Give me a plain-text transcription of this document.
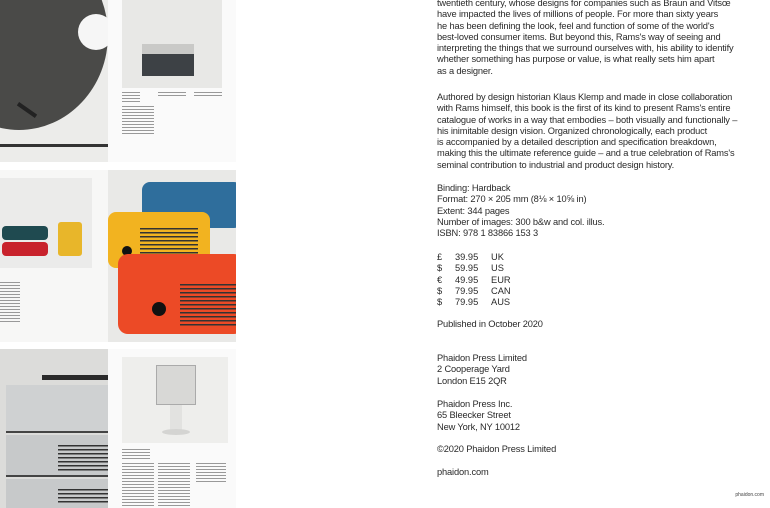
twentieth century, whose designs for companies such as Braun and Vitsœ
have impacted the lives of millions of people. For more than sixty years
he has been defining the look, feel and function of some of the world's
best-loved consumer items. But beyond this, Rams's way of seeing and
interpreting the things that we surround ourselves with, his ability to identify
whether something has purpose or value, is what really sets him apart
as a designer.
Authored by design historian Klaus Klemp and made in close collaboration
with Rams himself, this book is the first of its kind to present Rams's entire
catalogue of works in a way that embodies – both visually and functionally –
his inimitable design vision. Organized chronologically, each product
is accompanied by a detailed description and specification breakdown,
making this the ultimate reference guide – and a true celebration of Rams's
seminal contribution to industrial and product design history.
Binding: Hardback
Format: 270 × 205 mm (8⅛ × 10⅝ in)
Extent: 344 pages
Number of images: 300 b&w and col. illus.
ISBN: 978 1 83866 153 3
£	39.95	UK
$	59.95	US
€	49.95	EUR
$	79.95	CAN
$	79.95	AUS
Published in October 2020
Phaidon Press Limited
2 Cooperage Yard
London E15 2QR
Phaidon Press Inc.
65 Bleecker Street
New York, NY 10012
©2020 Phaidon Press Limited
phaidon.com
phaidon.com
